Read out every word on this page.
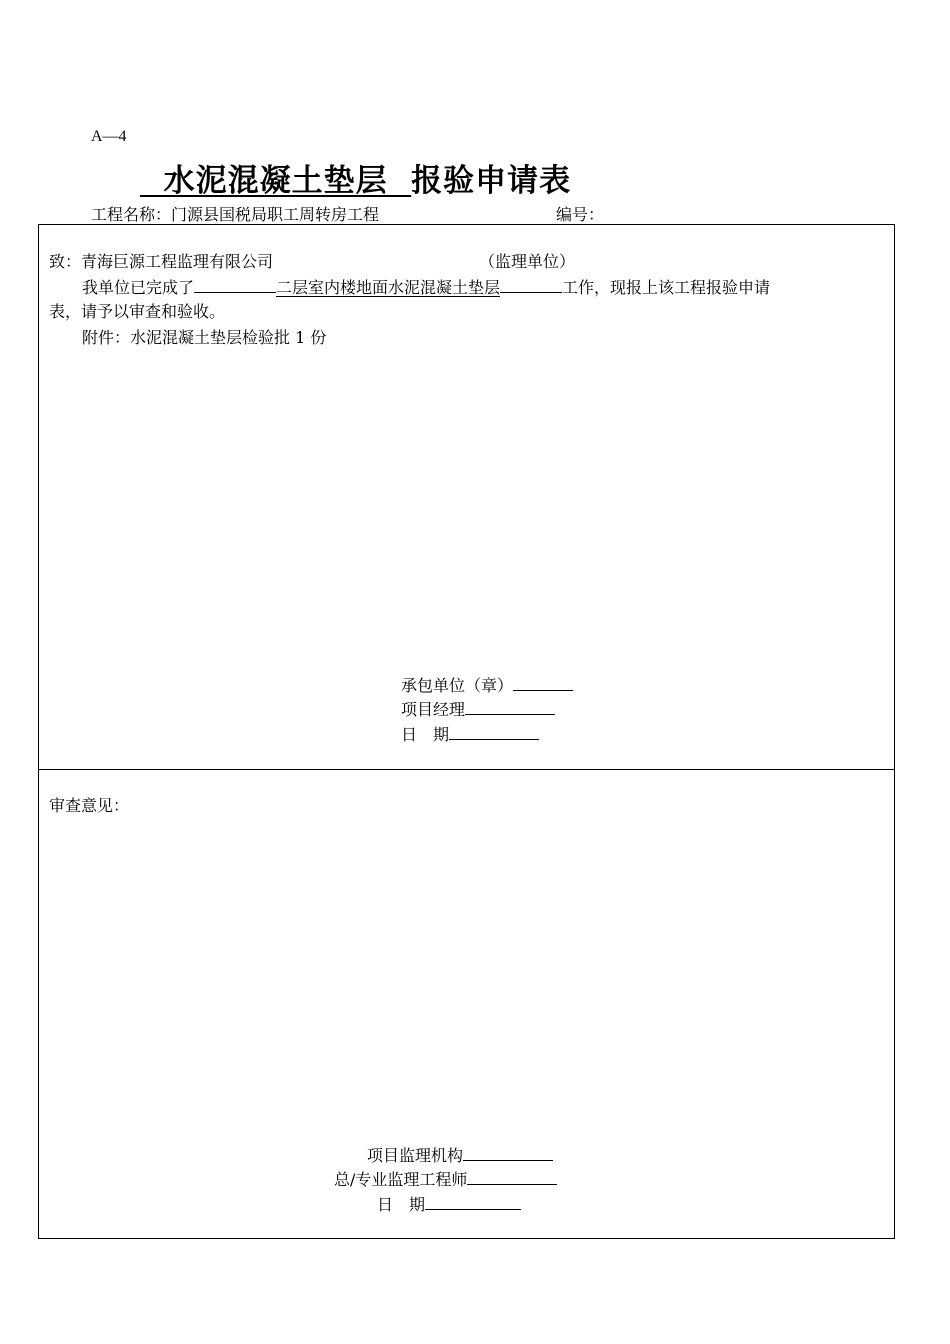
A—4
水泥混凝土垫层  报验申请表
工程名称：门源县国税局职工周转房工程	编号：
致：青海巨源工程监理有限公司	（监理单位）
我单位已完成了	二层室内楼地面水泥混凝土垫层	工作，现报上该工程报验申请
表，请予以审查和验收。
附件：水泥混凝土垫层检验批 1 份
承包单位（章）
项目经理
日　期
审查意见：
项目监理机构
总/专业监理工程师
日　期
